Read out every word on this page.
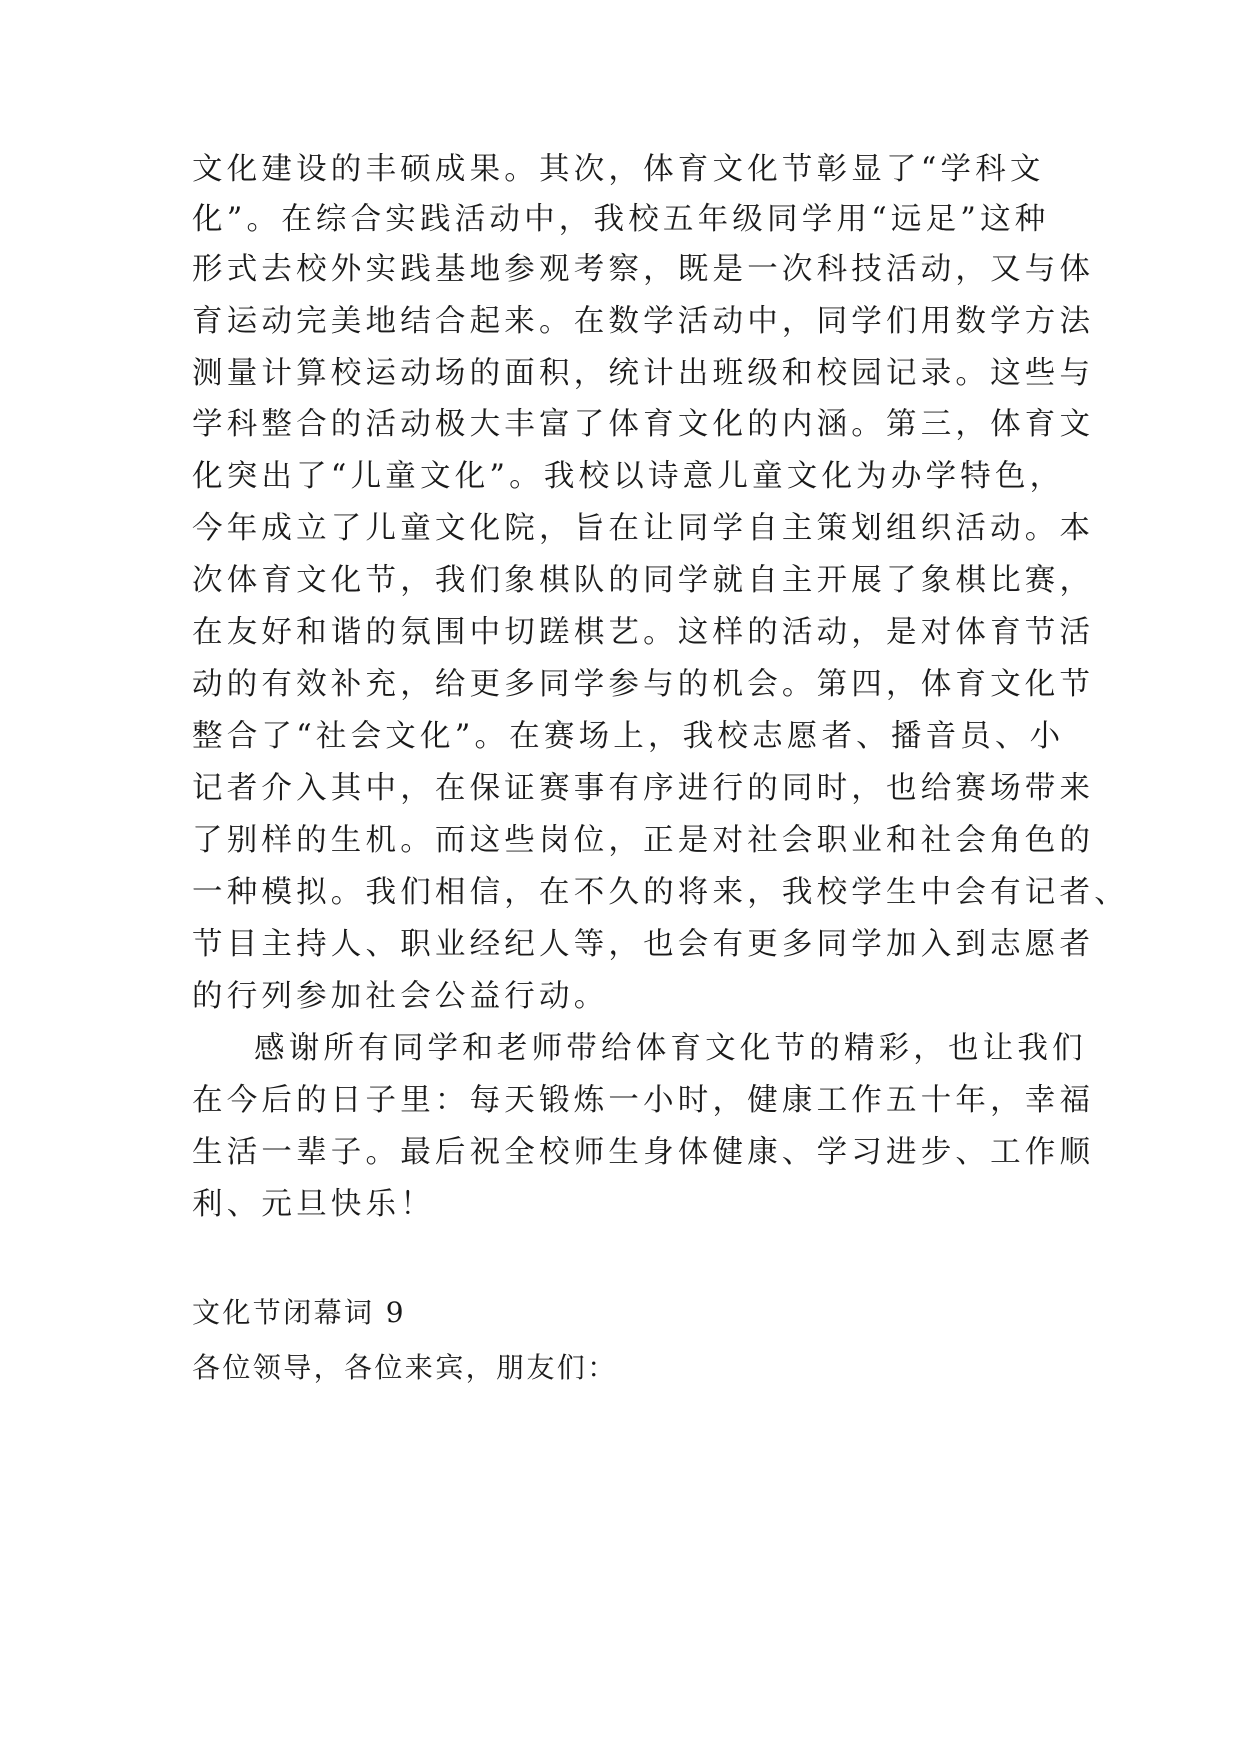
文化建设的丰硕成果。其次，体育文化节彰显了“学科文
化”。在综合实践活动中，我校五年级同学用“远足”这种
形式去校外实践基地参观考察，既是一次科技活动，又与体
育运动完美地结合起来。在数学活动中，同学们用数学方法
测量计算校运动场的面积，统计出班级和校园记录。这些与
学科整合的活动极大丰富了体育文化的内涵。第三，体育文
化突出了“儿童文化”。我校以诗意儿童文化为办学特色，
今年成立了儿童文化院，旨在让同学自主策划组织活动。本
次体育文化节，我们象棋队的同学就自主开展了象棋比赛，
在友好和谐的氛围中切蹉棋艺。这样的活动，是对体育节活
动的有效补充，给更多同学参与的机会。第四，体育文化节
整合了“社会文化”。在赛场上，我校志愿者、播音员、小
记者介入其中，在保证赛事有序进行的同时，也给赛场带来
了别样的生机。而这些岗位，正是对社会职业和社会角色的
一种模拟。我们相信，在不久的将来，我校学生中会有记者、
节目主持人、职业经纪人等，也会有更多同学加入到志愿者
的行列参加社会公益行动。
感谢所有同学和老师带给体育文化节的精彩，也让我们
在今后的日子里：每天锻炼一小时，健康工作五十年，幸福
生活一辈子。最后祝全校师生身体健康、学习进步、工作顺
利、元旦快乐！
文化节闭幕词 9
各位领导，各位来宾，朋友们：
